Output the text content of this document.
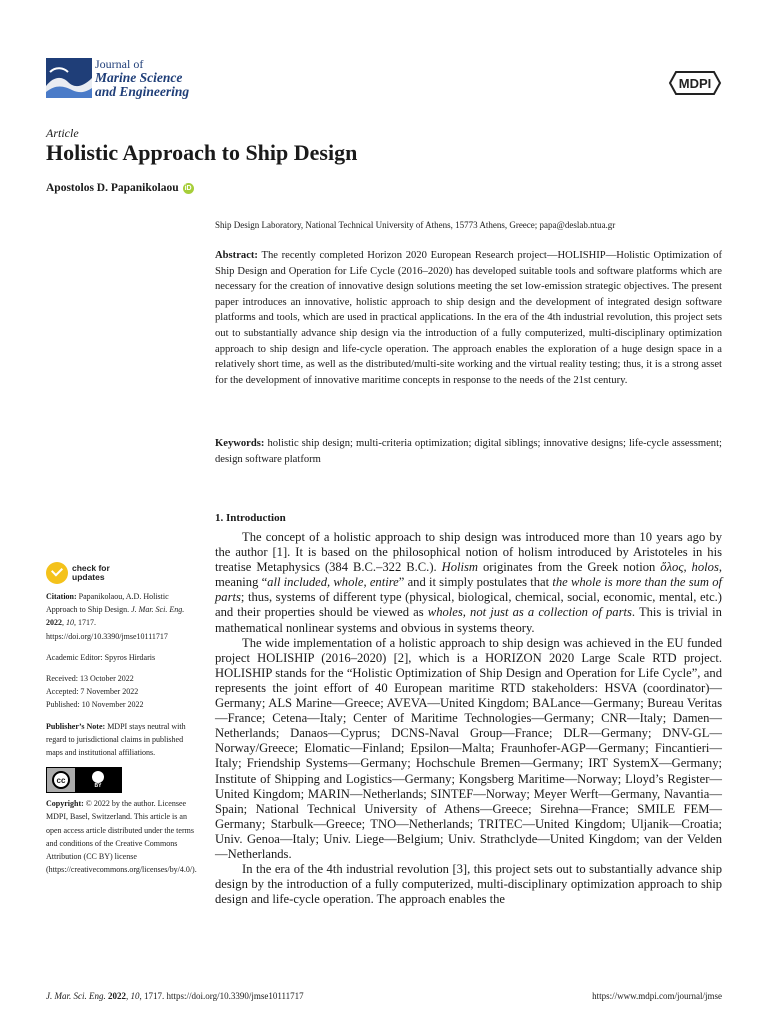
Journal of
Marine Science
and Engineering
MDPI
Article
Holistic Approach to Ship Design
Apostolos D. Papanikolaou iD
Ship Design Laboratory, National Technical University of Athens, 15773 Athens, Greece; papa@deslab.ntua.gr

Abstract: The recently completed Horizon 2020 European Research project—HOLISHIP—Holistic Optimization of Ship Design and Operation for Life Cycle (2016–2020) has developed suitable tools and software platforms which are necessary for the creation of innovative design solutions meeting the set low-emission strategic objectives. The present paper introduces an innovative, holistic approach to ship design and the development of integrated design software platforms and tools, which are used in practical applications. In the era of the 4th industrial revolution, this project sets out to substantially advance ship design via the introduction of a fully computerized, multi-disciplinary optimization approach to ship design and life-cycle operation. The approach enables the exploration of a huge design space in a relatively short time, as well as the distributed/multi-site working and the virtual reality testing; thus, it is a strong asset for the development of innovative maritime concepts in response to the needs of the 21st century.

Keywords: holistic ship design; multi-criteria optimization; digital siblings; innovative designs; life-cycle assessment; design software platform

1. Introduction

The concept of a holistic approach to ship design was introduced more than 10 years ago by the author [1]. It is based on the philosophical notion of holism introduced by Aristoteles in his treatise Metaphysics (384 B.C.–322 B.C.). Holism originates from the Greek notion ὅλος, holos, meaning “all included, whole, entire” and it simply postulates that the whole is more than the sum of parts; thus, systems of different type (physical, biological, chemical, social, economic, mental, etc.) and their properties should be viewed as wholes, not just as a collection of parts. This is trivial in mathematical nonlinear systems and obvious in systems theory.

The wide implementation of a holistic approach to ship design was achieved in the EU funded project HOLISHIP (2016–2020) [2], which is a HORIZON 2020 Large Scale RTD project. HOLISHIP stands for the “Holistic Optimization of Ship Design and Operation for Life Cycle”, and represents the joint effort of 40 European maritime RTD stakeholders: HSVA (coordinator)—Germany; ALS Marine—Greece; AVEVA—United Kingdom; BALance—Germany; Bureau Veritas—France; Cetena—Italy; Center of Maritime Technologies—Germany; CNR—Italy; Damen—Netherlands; Danaos—Cyprus; DCNS-Naval Group—France; DLR—Germany; DNV-GL—Norway/Greece; Elomatic—Finland; Epsilon—Malta; Fraunhofer-AGP—Germany; Fincantieri—Italy; Friendship Systems—Germany; Hochschule Bremen—Germany; IRT SystemX—Germany; Institute of Shipping and Logistics—Germany; Kongsberg Maritime—Norway; Lloyd’s Register—United Kingdom; MARIN—Netherlands; SINTEF—Norway; Meyer Werft—Germany, Navantia—Spain; National Technical University of Athens—Greece; Sirehna—France; SMILE FEM—Germany; Starbulk—Greece; TNO—Netherlands; TRITEC—United Kingdom; Uljanik—Croatia; Univ. Genoa—Italy; Univ. Liege—Belgium; Univ. Strathclyde—United Kingdom; van der Velden—Netherlands.

In the era of the 4th industrial revolution [3], this project sets out to substantially advance ship design by the introduction of a fully computerized, multi-disciplinary optimization approach to ship design and life-cycle operation. The approach enables the

check for
updates

Citation: Papanikolaou, A.D. Holistic Approach to Ship Design. J. Mar. Sci. Eng. 2022, 10, 1717. https://doi.org/10.3390/jmse10111717

Academic Editor: Spyros Hirdaris

Received: 13 October 2022

Accepted: 7 November 2022

Published: 10 November 2022

Publisher’s Note: MDPI stays neutral with regard to jurisdictional claims in published maps and institutional affiliations.

cc
BY

Copyright: © 2022 by the author. Licensee MDPI, Basel, Switzerland. This article is an open access article distributed under the terms and conditions of the Creative Commons Attribution (CC BY) license (https://creativecommons.org/licenses/by/4.0/).

J. Mar. Sci. Eng. 2022, 10, 1717. https://doi.org/10.3390/jmse10111717	https://www.mdpi.com/journal/jmse
